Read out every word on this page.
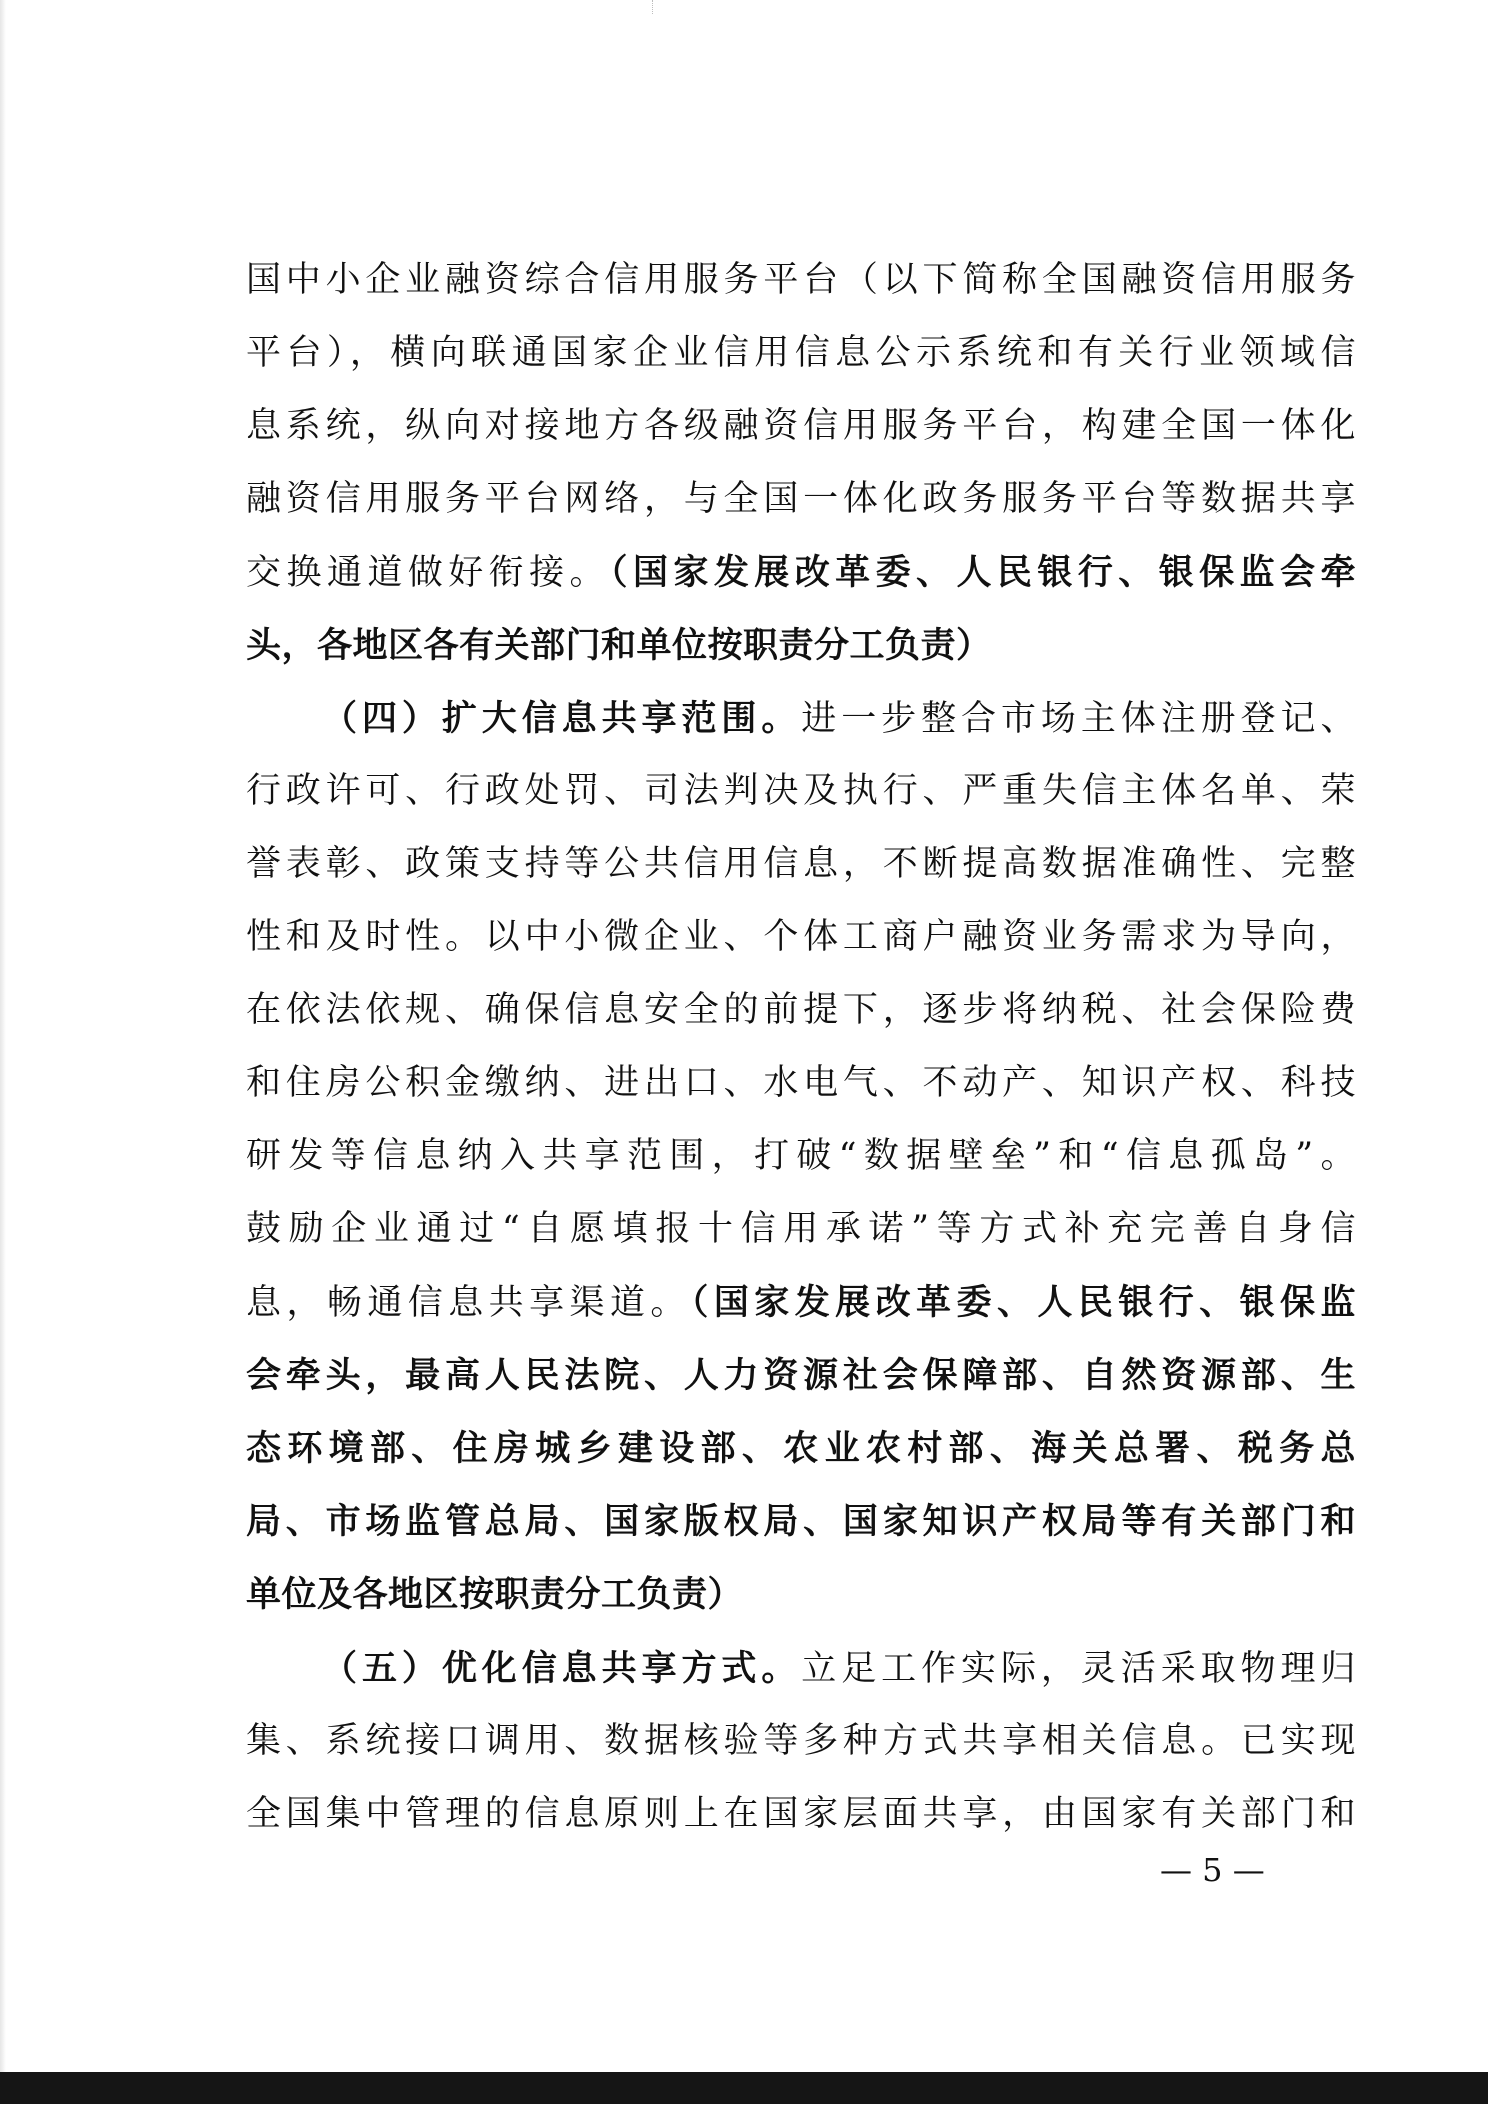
国中小企业融资综合信用服务平台（以下简称全国融资信用服务
平台），横向联通国家企业信用信息公示系统和有关行业领域信
息系统，纵向对接地方各级融资信用服务平台，构建全国一体化
融资信用服务平台网络，与全国一体化政务服务平台等数据共享
交换通道做好衔接。（国家发展改革委、人民银行、银保监会牵
头，各地区各有关部门和单位按职责分工负责）
（四）扩大信息共享范围。进一步整合市场主体注册登记、
行政许可、行政处罚、司法判决及执行、严重失信主体名单、荣
誉表彰、政策支持等公共信用信息，不断提高数据准确性、完整
性和及时性。以中小微企业、个体工商户融资业务需求为导向，
在依法依规、确保信息安全的前提下，逐步将纳税、社会保险费
和住房公积金缴纳、进出口、水电气、不动产、知识产权、科技
研发等信息纳入共享范围，打破“数据壁垒”和“信息孤岛”。
鼓励企业通过“自愿填报十信用承诺”等方式补充完善自身信
息，畅通信息共享渠道。（国家发展改革委、人民银行、银保监
会牵头，最高人民法院、人力资源社会保障部、自然资源部、生
态环境部、住房城乡建设部、农业农村部、海关总署、税务总
局、市场监管总局、国家版权局、国家知识产权局等有关部门和
单位及各地区按职责分工负责）
（五）优化信息共享方式。立足工作实际，灵活采取物理归
集、系统接口调用、数据核验等多种方式共享相关信息。已实现
全国集中管理的信息原则上在国家层面共享，由国家有关部门和
— 5 —
